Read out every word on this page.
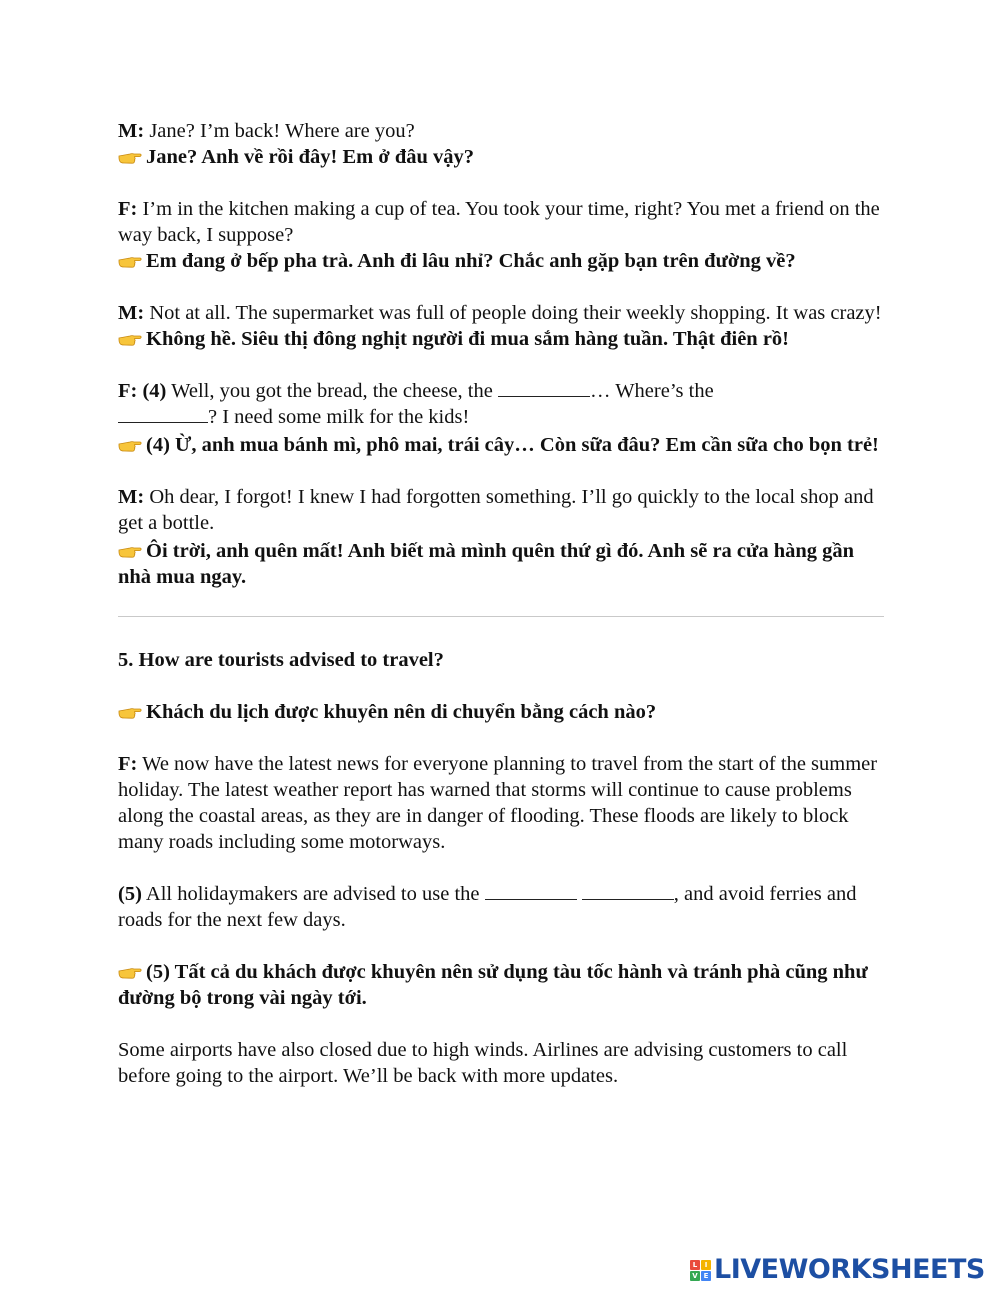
M: Jane? I’m back! Where are you?

Jane? Anh về rồi đây! Em ở đâu vậy?

F: I’m in the kitchen making a cup of tea. You took your time, right? You met a friend on the way back, I suppose?

Em đang ở bếp pha trà. Anh đi lâu nhỉ? Chắc anh gặp bạn trên đường về?

M: Not at all. The supermarket was full of people doing their weekly shopping. It was crazy!

Không hề. Siêu thị đông nghịt người đi mua sắm hàng tuần. Thật điên rồ!

F: (4) Well, you got the bread, the cheese, the	… Where’s the
? I need some milk for the kids!

(4) Ừ, anh mua bánh mì, phô mai, trái cây… Còn sữa đâu? Em cần sữa cho bọn trẻ!

M: Oh dear, I forgot! I knew I had forgotten something. I’ll go quickly to the local shop and get a bottle.

Ôi trời, anh quên mất! Anh biết mà mình quên thứ gì đó. Anh sẽ ra cửa hàng gần nhà mua ngay.

5. How are tourists advised to travel?

Khách du lịch được khuyên nên di chuyển bằng cách nào?

F: We now have the latest news for everyone planning to travel from the start of the summer holiday. The latest weather report has warned that storms will continue to cause problems along the coastal areas, as they are in danger of flooding. These floods are likely to block many roads including some motorways.

(5) All holidaymakers are advised to use the	, and avoid ferries and roads for the next few days.

(5) Tất cả du khách được khuyên nên sử dụng tàu tốc hành và tránh phà cũng như đường bộ trong vài ngày tới.

Some airports have also closed due to high winds. Airlines are advising customers to call before going to the airport. We’ll be back with more updates.

L	I
V E LIVEWORKSHEETS
